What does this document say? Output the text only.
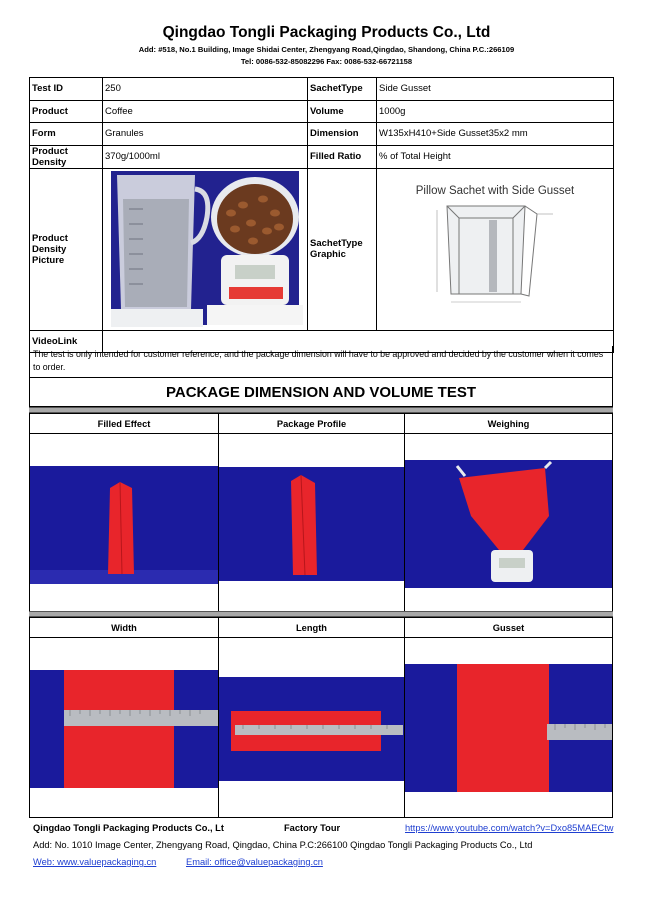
Qingdao Tongli Packaging Products Co., Ltd
Add: #518, No.1 Building, Image Shidai Center, Zhengyang Road,Qingdao, Shandong, China P.C.:266109
Tel: 0086-532-85082296 Fax: 0086-532-66721158
Test ID	250	SachetType	Side Gusset
Product	Coffee	Volume	1000g
Form	Granules	Dimension	W135xH410+Side Gusset35x2 mm
Product Density	370g/1000ml	Filled Ratio	% of Total Height
Product Density Picture		SachetType Graphic	Pillow Sachet with Side Gusset

VideoLink			
The test is only intended for customer reference, and the package dimension will have to be approved and decided by the customer when it comes to order.
PACKAGE DIMENSION AND VOLUME TEST
Filled Effect	Package Profile	Weighing
Width	Length	Gusset
Qingdao Tongli Packaging Products Co., Lt	Factory Tour	https://www.youtube.com/watch?v=Dxo85MAECtw
Add: No. 1010 Image Center, Zhengyang Road, Qingdao, China P.C:266100 Qingdao Tongli Packaging Products Co., Ltd
Web: www.valuepackaging.cn	Email: office@valuepackaging.cn
